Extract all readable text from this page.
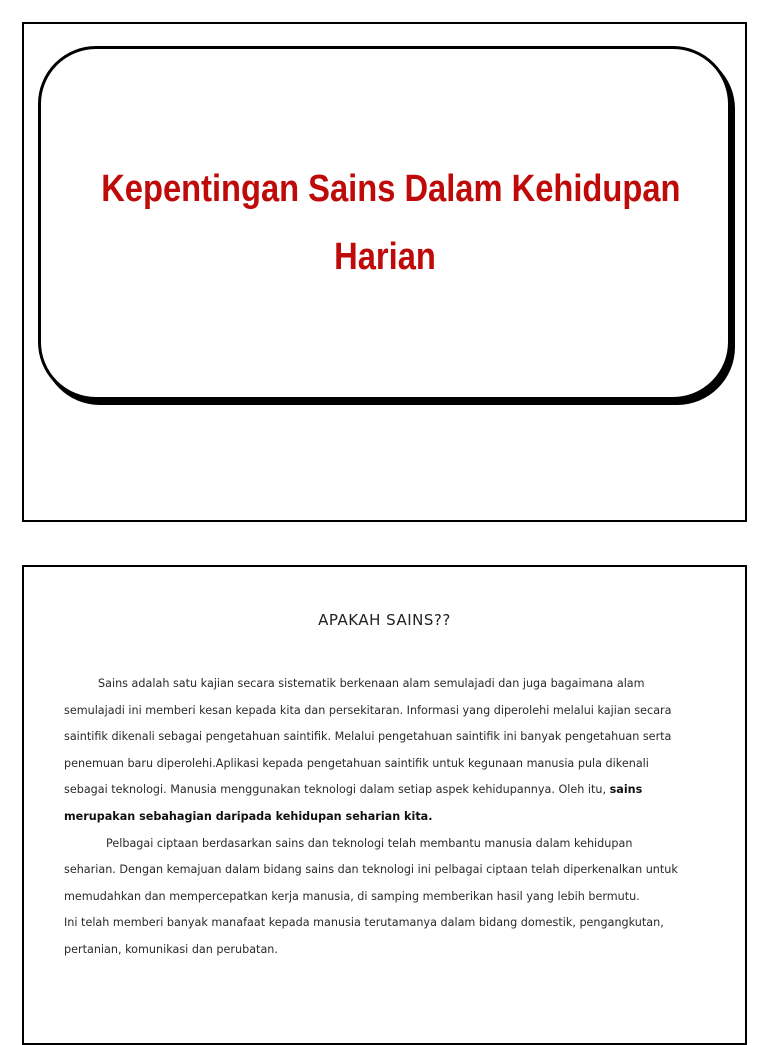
Kepentingan Sains Dalam Kehidupan
Harian
APAKAH SAINS??

Sains adalah satu kajian secara sistematik berkenaan alam semulajadi dan juga bagaimana alam
semulajadi ini memberi kesan kepada kita dan persekitaran. Informasi yang diperolehi melalui kajian secara
saintifik dikenali sebagai pengetahuan saintifik. Melalui pengetahuan saintifik ini banyak pengetahuan serta
penemuan baru diperolehi.Aplikasi kepada pengetahuan saintifik untuk kegunaan manusia pula dikenali
sebagai teknologi. Manusia menggunakan teknologi dalam setiap aspek kehidupannya. Oleh itu, sains
merupakan sebahagian daripada kehidupan seharian kita.

Pelbagai ciptaan berdasarkan sains dan teknologi telah membantu manusia dalam kehidupan
seharian. Dengan kemajuan dalam bidang sains dan teknologi ini pelbagai ciptaan telah diperkenalkan untuk
memudahkan dan mempercepatkan kerja manusia, di samping memberikan hasil yang lebih bermutu.
Ini telah memberi banyak manafaat kepada manusia terutamanya dalam bidang domestik, pengangkutan,
pertanian, komunikasi dan perubatan.
